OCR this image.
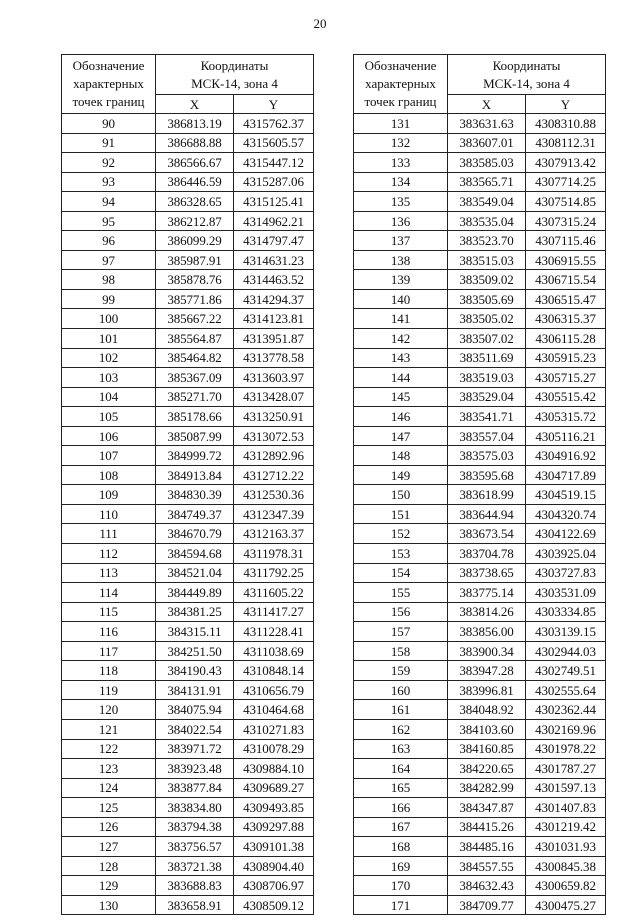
20
Обозначение
характерных
точек границ	Координаты
МСК-14, зона 4	
	X	Y
90	386813.19	4315762.37
91	386688.88	4315605.57
92	386566.67	4315447.12
93	386446.59	4315287.06
94	386328.65	4315125.41
95	386212.87	4314962.21
96	386099.29	4314797.47
97	385987.91	4314631.23
98	385878.76	4314463.52
99	385771.86	4314294.37
100	385667.22	4314123.81
101	385564.87	4313951.87
102	385464.82	4313778.58
103	385367.09	4313603.97
104	385271.70	4313428.07
105	385178.66	4313250.91
106	385087.99	4313072.53
107	384999.72	4312892.96
108	384913.84	4312712.22
109	384830.39	4312530.36
110	384749.37	4312347.39
111	384670.79	4312163.37
112	384594.68	4311978.31
113	384521.04	4311792.25
114	384449.89	4311605.22
115	384381.25	4311417.27
116	384315.11	4311228.41
117	384251.50	4311038.69
118	384190.43	4310848.14
119	384131.91	4310656.79
120	384075.94	4310464.68
121	384022.54	4310271.83
122	383971.72	4310078.29
123	383923.48	4309884.10
124	383877.84	4309689.27
125	383834.80	4309493.85
126	383794.38	4309297.88
127	383756.57	4309101.38
128	383721.38	4308904.40
129	383688.83	4308706.97
130	383658.91	4308509.12
Обозначение
характерных
точек границ	Координаты
МСК-14, зона 4	
	X	Y
131	383631.63	4308310.88
132	383607.01	4308112.31
133	383585.03	4307913.42
134	383565.71	4307714.25
135	383549.04	4307514.85
136	383535.04	4307315.24
137	383523.70	4307115.46
138	383515.03	4306915.55
139	383509.02	4306715.54
140	383505.69	4306515.47
141	383505.02	4306315.37
142	383507.02	4306115.28
143	383511.69	4305915.23
144	383519.03	4305715.27
145	383529.04	4305515.42
146	383541.71	4305315.72
147	383557.04	4305116.21
148	383575.03	4304916.92
149	383595.68	4304717.89
150	383618.99	4304519.15
151	383644.94	4304320.74
152	383673.54	4304122.69
153	383704.78	4303925.04
154	383738.65	4303727.83
155	383775.14	4303531.09
156	383814.26	4303334.85
157	383856.00	4303139.15
158	383900.34	4302944.03
159	383947.28	4302749.51
160	383996.81	4302555.64
161	384048.92	4302362.44
162	384103.60	4302169.96
163	384160.85	4301978.22
164	384220.65	4301787.27
165	384282.99	4301597.13
166	384347.87	4301407.83
167	384415.26	4301219.42
168	384485.16	4301031.93
169	384557.55	4300845.38
170	384632.43	4300659.82
171	384709.77	4300475.27
